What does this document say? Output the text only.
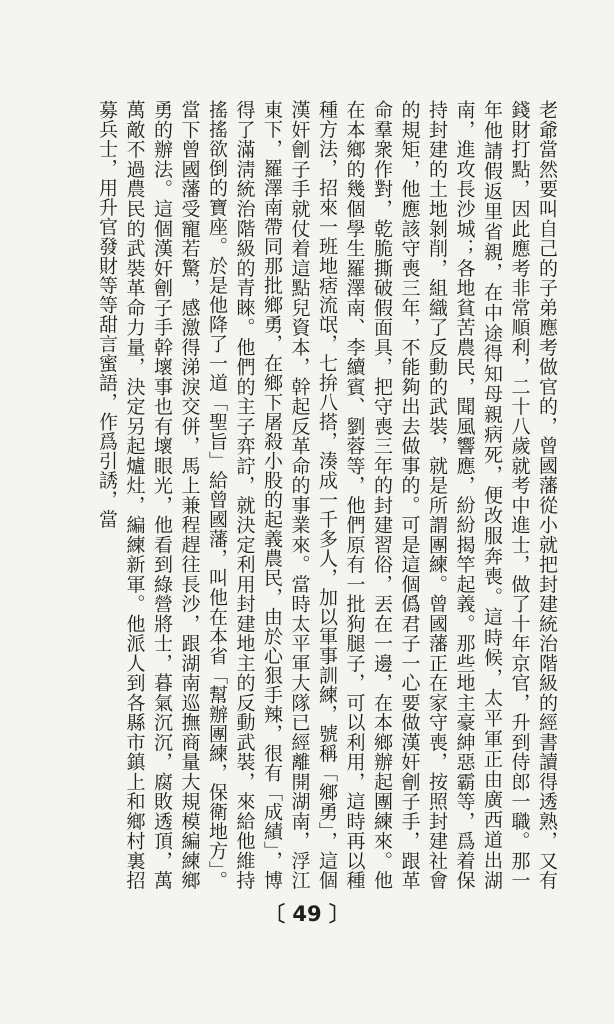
老爺當然要叫自己的子弟應考做官的，曾國藩從小就把封建統治階級的經書讀得透熟，又有錢財打點，因此應考非常順利，二十八歲就考中進士，做了十年京官，升到侍郎一職。那一年他請假返里省親，在中途得知母親病死，便改服奔喪。這時候，太平軍正由廣西道出湖南，進攻長沙城；各地貧苦農民，聞風響應，紛紛揭竿起義。那些地主豪紳惡霸等，爲着保持封建的土地剝削，組織了反動的武裝，就是所謂團練。曾國藩正在家守喪，按照封建社會的規矩，他應該守喪三年，不能夠出去做事的。可是這個僞君子一心要做漢奸劊子手，跟革命羣衆作對，乾脆撕破假面具，把守喪三年的封建習俗，丟在一邊，在本鄉辦起團練來。他在本鄉的幾個學生羅澤南、李續賓、劉蓉等，他們原有一批狗腿子，可以利用，這時再以種種方法，招來一班地痞流氓，七拚八搭，湊成一千多人，加以軍事訓練，號稱「鄉勇」，這個漢奸劊子手就仗着這點兒資本，幹起反革命的事業來。當時太平軍大隊已經離開湖南，浮江東下，羅澤南帶同那批鄉勇，在鄉下屠殺小股的起義農民，由於心狠手辣，很有「成績」，博得了滿淸統治階級的青睞。他們的主子弈詝，就決定利用封建地主的反動武裝，來給他維持搖搖欲倒的寶座。於是他降了一道「聖旨」給曾國藩，叫他在本省「幫辦團練，保衛地方」。當下曾國藩受寵若驚，感激得涕淚交併，馬上兼程趕往長沙，跟湖南巡撫商量大規模編練鄉勇的辦法。這個漢奸劊子手幹壞事也有壞眼光，他看到綠營將士，暮氣沉沉，腐敗透頂，萬萬敵不過農民的武裝革命力量，決定另起爐灶，編練新軍。他派人到各縣市鎮上和鄉村裏招募兵士，用升官發財等等甜言蜜語，作爲引誘，當

〔 49 〕
